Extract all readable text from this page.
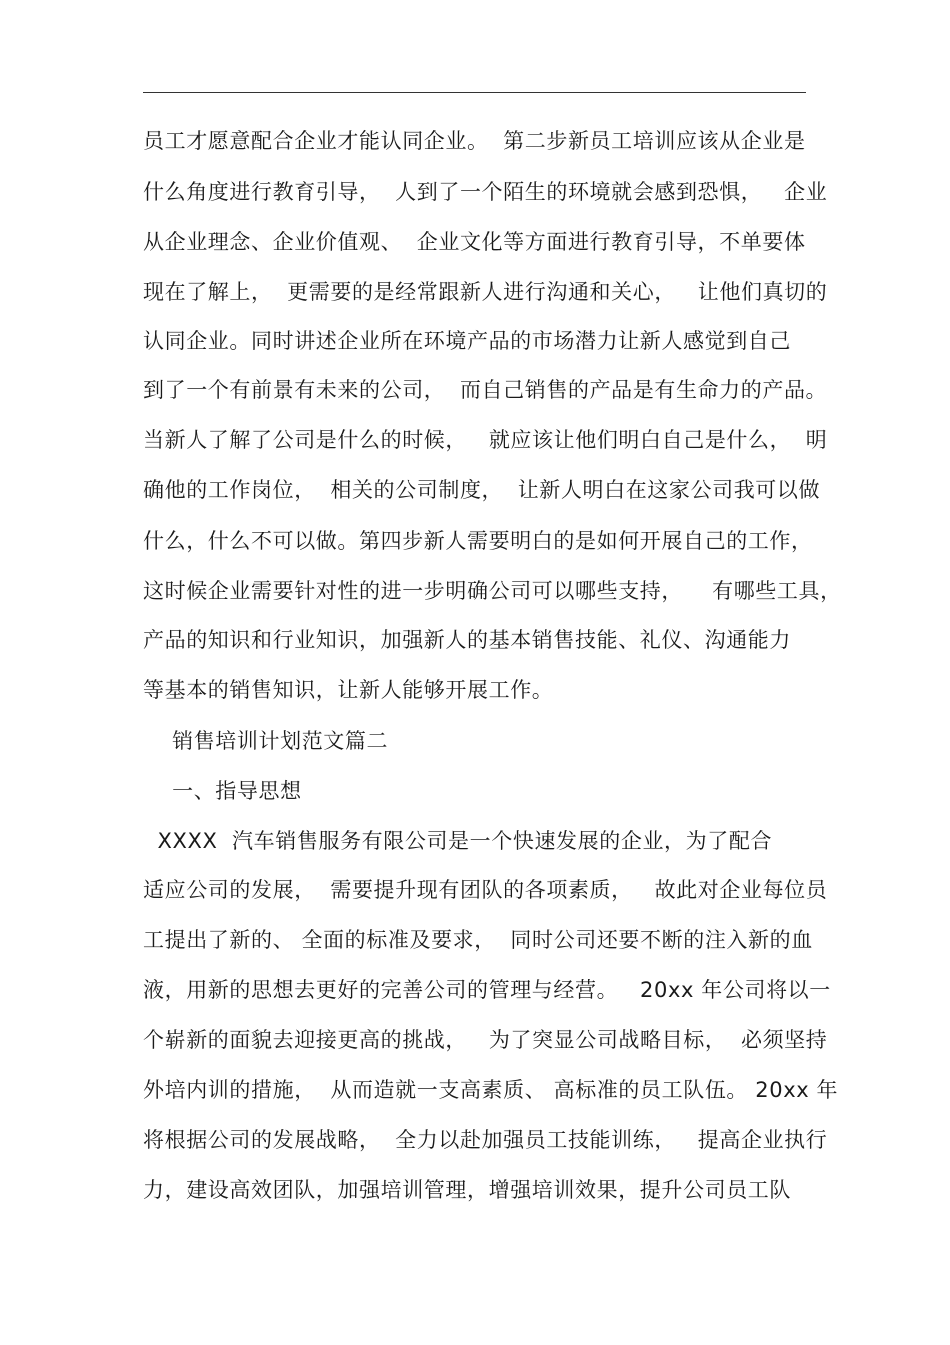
员工才愿意配合企业才能认同企业。  第二步新员工培训应该从企业是
什么角度进行教育引导，  人到了一个陌生的环境就会感到恐惧，   企业
从企业理念、企业价值观、  企业文化等方面进行教育引导，不单要体
现在了解上，  更需要的是经常跟新人进行沟通和关心，   让他们真切的
认同企业。同时讲述企业所在环境产品的市场潜力让新人感觉到自己
到了一个有前景有未来的公司，  而自己销售的产品是有生命力的产品。
当新人了解了公司是什么的时候，   就应该让他们明白自己是什么，  明
确他的工作岗位，  相关的公司制度，  让新人明白在这家公司我可以做
什么，什么不可以做。第四步新人需要明白的是如何开展自己的工作，
这时候企业需要针对性的进一步明确公司可以哪些支持，    有哪些工具，
产品的知识和行业知识，加强新人的基本销售技能、礼仪、沟通能力
等基本的销售知识，让新人能够开展工作。
销售培训计划范文篇二
一、指导思想
XXXX  汽车销售服务有限公司是一个快速发展的企业，为了配合
适应公司的发展，  需要提升现有团队的各项素质，   故此对企业每位员
工提出了新的、 全面的标准及要求，  同时公司还要不断的注入新的血
液，用新的思想去更好的完善公司的管理与经营。   20xx 年公司将以一
个崭新的面貌去迎接更高的挑战，   为了突显公司战略目标，  必须坚持
外培内训的措施，  从而造就一支高素质、 高标准的员工队伍。 20xx 年
将根据公司的发展战略，  全力以赴加强员工技能训练，   提高企业执行
力，建设高效团队，加强培训管理，增强培训效果，提升公司员工队
